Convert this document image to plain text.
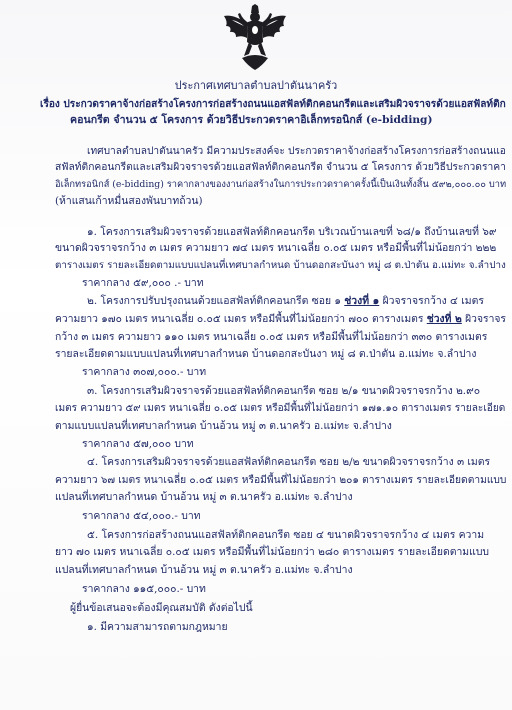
ประกาศเทศบาลตำบลปาตันนาครัว
เรื่อง ประกวดราคาจ้างก่อสร้างโครงการก่อสร้างถนนแอสฟัลท์ติกคอนกรีตและเสริมผิวจราจรด้วยแอสฟัลท์ติก
คอนกรีต จำนวน ๕ โครงการ ด้วยวิธีประกวดราคาอิเล็กทรอนิกส์ (e-bidding)
เทศบาลตำบลปาตันนาครัว มีความประสงค์จะ ประกวดราคาจ้างก่อสร้างโครงการก่อสร้างถนนแอ
สฟัลท์ติกคอนกรีตและเสริมผิวจราจรด้วยแอสฟัลท์ติกคอนกรีต จำนวน ๕ โครงการ ด้วยวิธีประกวดราคา
อิเล็กทรอนิกส์ (e-bidding) ราคากลางของงานก่อสร้างในการประกวดราคาครั้งนี้เป็นเงินทั้งสิ้น ๕๙๒,๐๐๐.๐๐ บาท
(ห้าแสนเก้าหมื่นสองพันบาทถ้วน)
๑. โครงการเสริมผิวจราจรด้วยแอสฟัลท์ติกคอนกรีต บริเวณบ้านเลขที่ ๖๘/๑ ถึงบ้านเลขที่ ๖๙
ขนาดผิวจราจรกว้าง ๓ เมตร ความยาว ๗๔ เมตร หนาเฉลี่ย ๐.๐๕ เมตร หรือมีพื้นที่ไม่น้อยกว่า ๒๒๒
ตารางเมตร รายละเอียดตามแบบแปลนที่เทศบาลกำหนด บ้านดอกสะบันงา หมู่ ๘ ต.ป่าตัน อ.แม่ทะ จ.ลำปาง
ราคากลาง ๕๙,๐๐๐ .- บาท
๒. โครงการปรับปรุงถนนด้วยแอสฟัลท์ติกคอนกรีต ซอย ๑ ช่วงที่ ๑ ผิวจราจรกว้าง ๔ เมตร
ความยาว ๑๗๐ เมตร หนาเฉลี่ย ๐.๐๕ เมตร หรือมีพื้นที่ไม่น้อยกว่า ๗๐๐ ตารางเมตร ช่วงที่ ๒ ผิวจราจร
กว้าง ๓ เมตร ความยาว ๑๑๐ เมตร หนาเฉลี่ย ๐.๐๕ เมตร หรือมีพื้นที่ไม่น้อยกว่า ๓๓๐ ตารางเมตร
รายละเอียดตามแบบแปลนที่เทศบาลกำหนด บ้านดอกสะบันงา หมู่ ๘ ต.ป่าตัน อ.แม่ทะ จ.ลำปาง
ราคากลาง ๓๐๗,๐๐๐.- บาท
๓. โครงการเสริมผิวจราจรด้วยแอสฟัลท์ติกคอนกรีต ซอย ๒/๑ ขนาดผิวจราจรกว้าง ๒.๙๐
เมตร ความยาว ๕๙ เมตร หนาเฉลี่ย ๐.๐๕ เมตร หรือมีพื้นที่ไม่น้อยกว่า ๑๗๑.๑๐ ตารางเมตร รายละเอียด
ตามแบบแปลนที่เทศบาลกำหนด บ้านอ้วน หมู่ ๓ ต.นาครัว อ.แม่ทะ จ.ลำปาง
ราคากลาง ๕๗,๐๐๐ บาท
๔. โครงการเสริมผิวจราจรด้วยแอสฟัลท์ติกคอนกรีต ซอย ๒/๒ ขนาดผิวจราจรกว้าง ๓ เมตร
ความยาว ๖๗ เมตร หนาเฉลี่ย ๐.๐๕ เมตร หรือมีพื้นที่ไม่น้อยกว่า ๒๐๑ ตารางเมตร รายละเอียดตามแบบ
แปลนที่เทศบาลกำหนด บ้านอ้วน หมู่ ๓ ต.นาครัว อ.แม่ทะ จ.ลำปาง
ราคากลาง ๕๔,๐๐๐.- บาท
๕. โครงการก่อสร้างถนนแอสฟัลท์ติกคอนกรีต ซอย ๔ ขนาดผิวจราจรกว้าง ๔ เมตร ความ
ยาว ๗๐ เมตร หนาเฉลี่ย ๐.๐๕ เมตร หรือมีพื้นที่ไม่น้อยกว่า ๒๘๐ ตารางเมตร รายละเอียดตามแบบ
แปลนที่เทศบาลกำหนด บ้านอ้วน หมู่ ๓ ต.นาครัว อ.แม่ทะ จ.ลำปาง
ราคากลาง ๑๑๕,๐๐๐.- บาท
ผู้ยื่นข้อเสนอจะต้องมีคุณสมบัติ ดังต่อไปนี้
๑. มีความสามารถตามกฎหมาย
